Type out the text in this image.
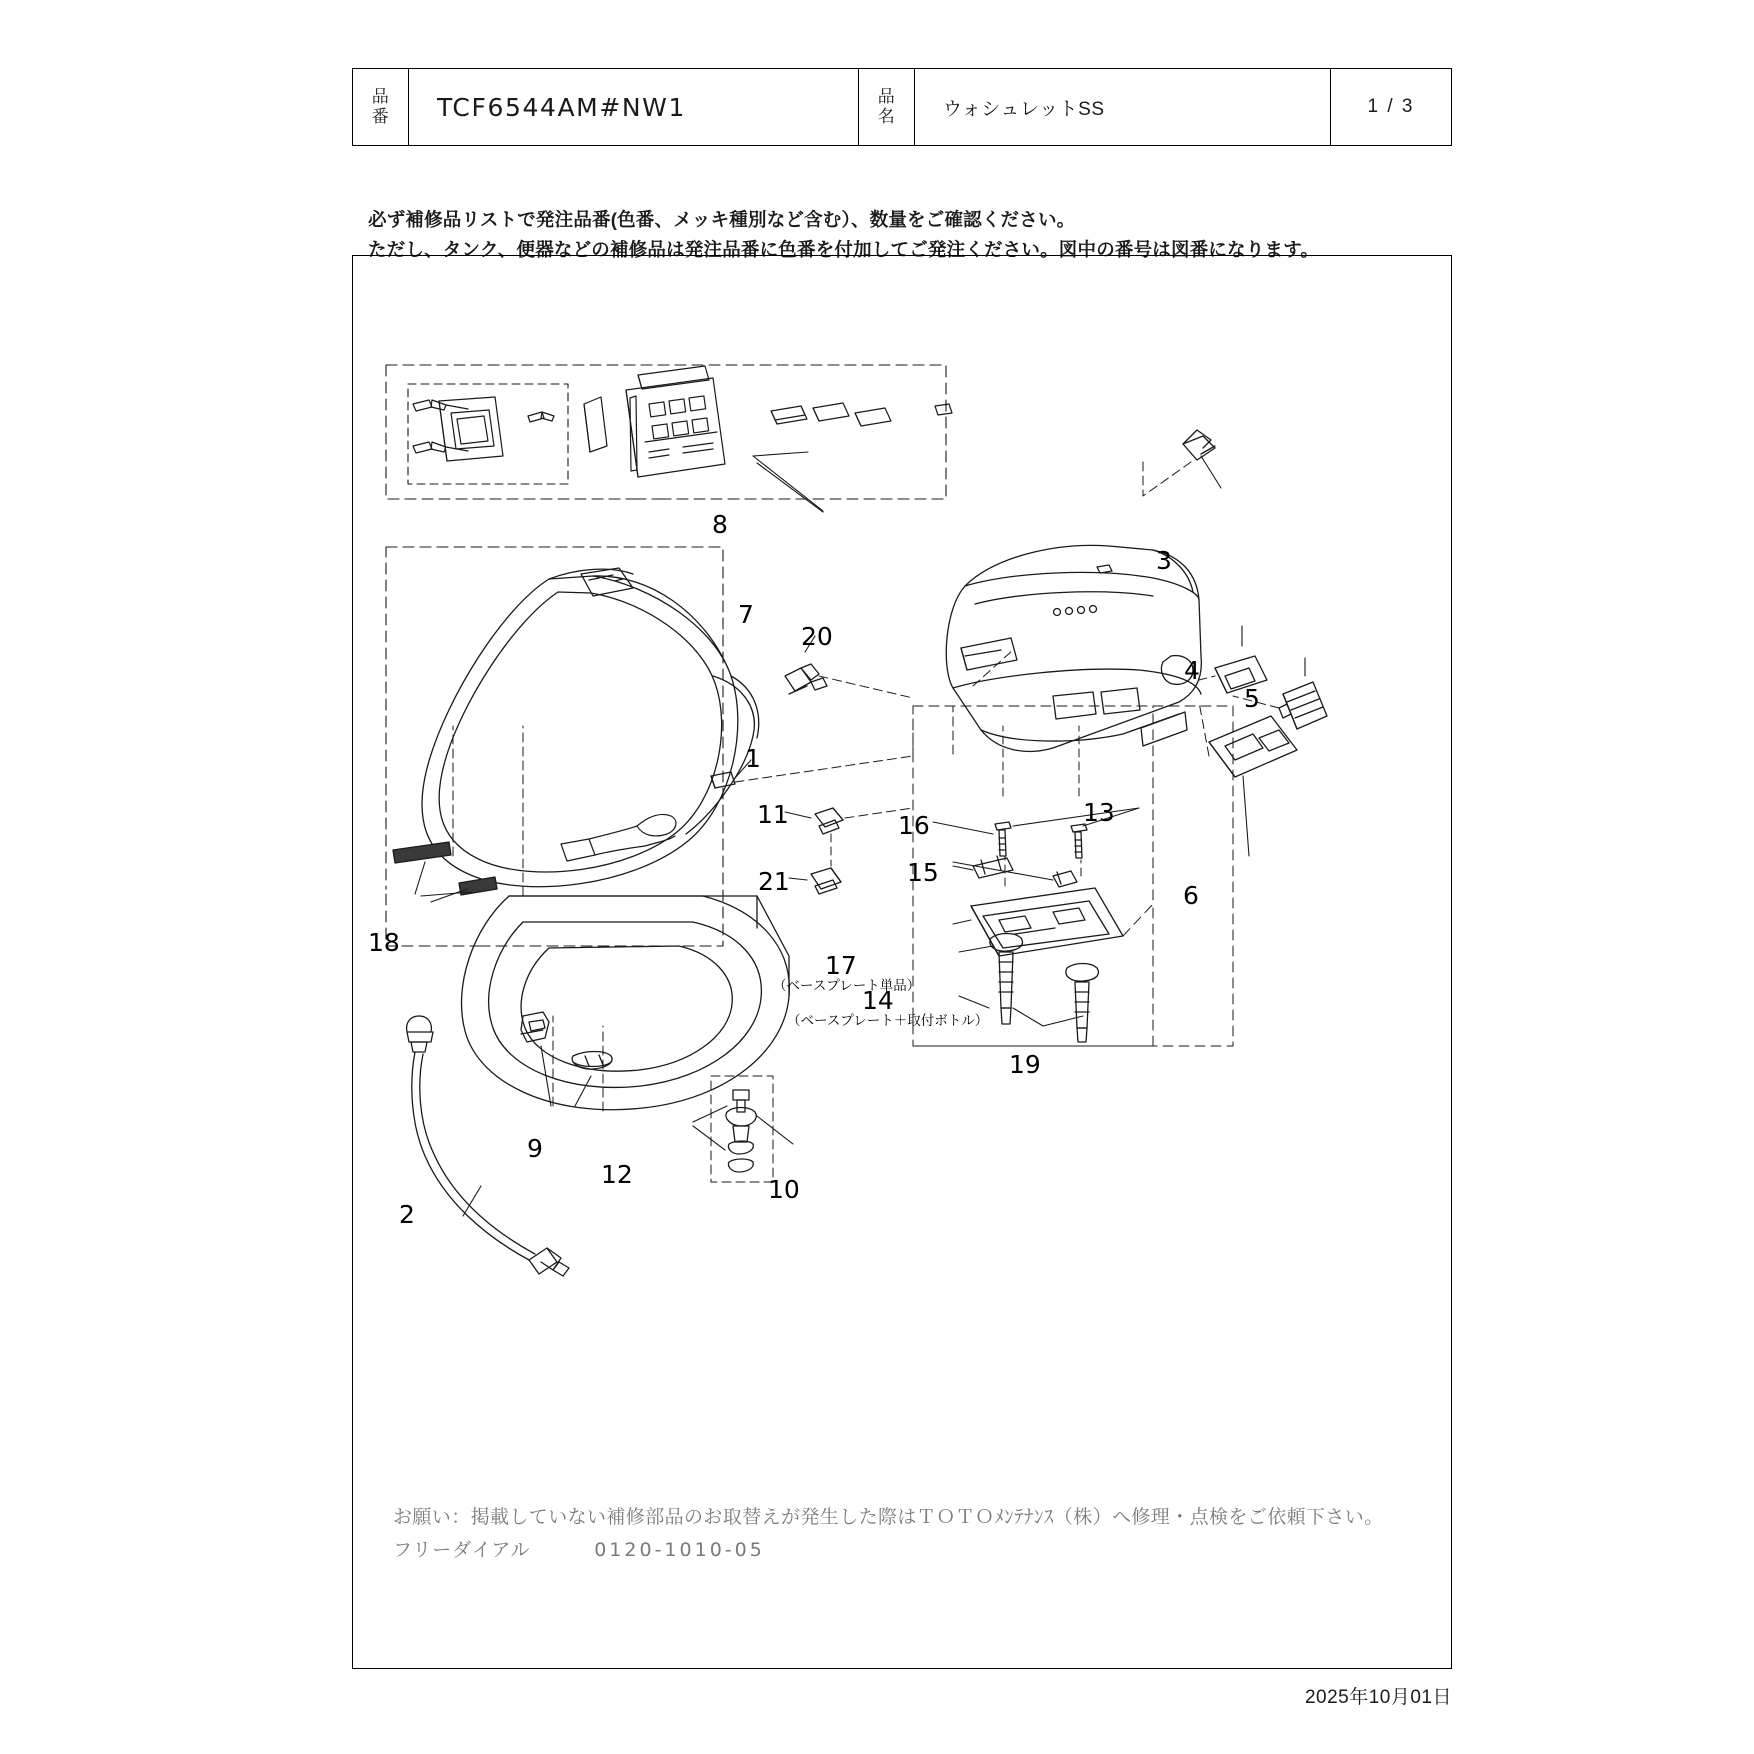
品
番	TCF6544AM#NW1	品
名	ウォシュレットSS	1 / 3
必ず補修品リストで発注品番(色番、メッキ種別など含む）、数量をご確認ください。
ただし、タンク、便器などの補修品は発注品番に色番を付加してご発注ください。図中の番号は図番になります。
1
2
3
4
5
6
7
8
9
10
11
12
13
14
15
16
17
18
19
20
21
（ベースプレート単品）
（ベースプレート＋取付ボトル）
お願い：掲載していない補修部品のお取替えが発生した際はＴＯＴＯﾒﾝﾃﾅﾝｽ（株）へ修理・点検をご依頼下さい。
フリーダイアル	0120-1010-05
2025年10月01日
